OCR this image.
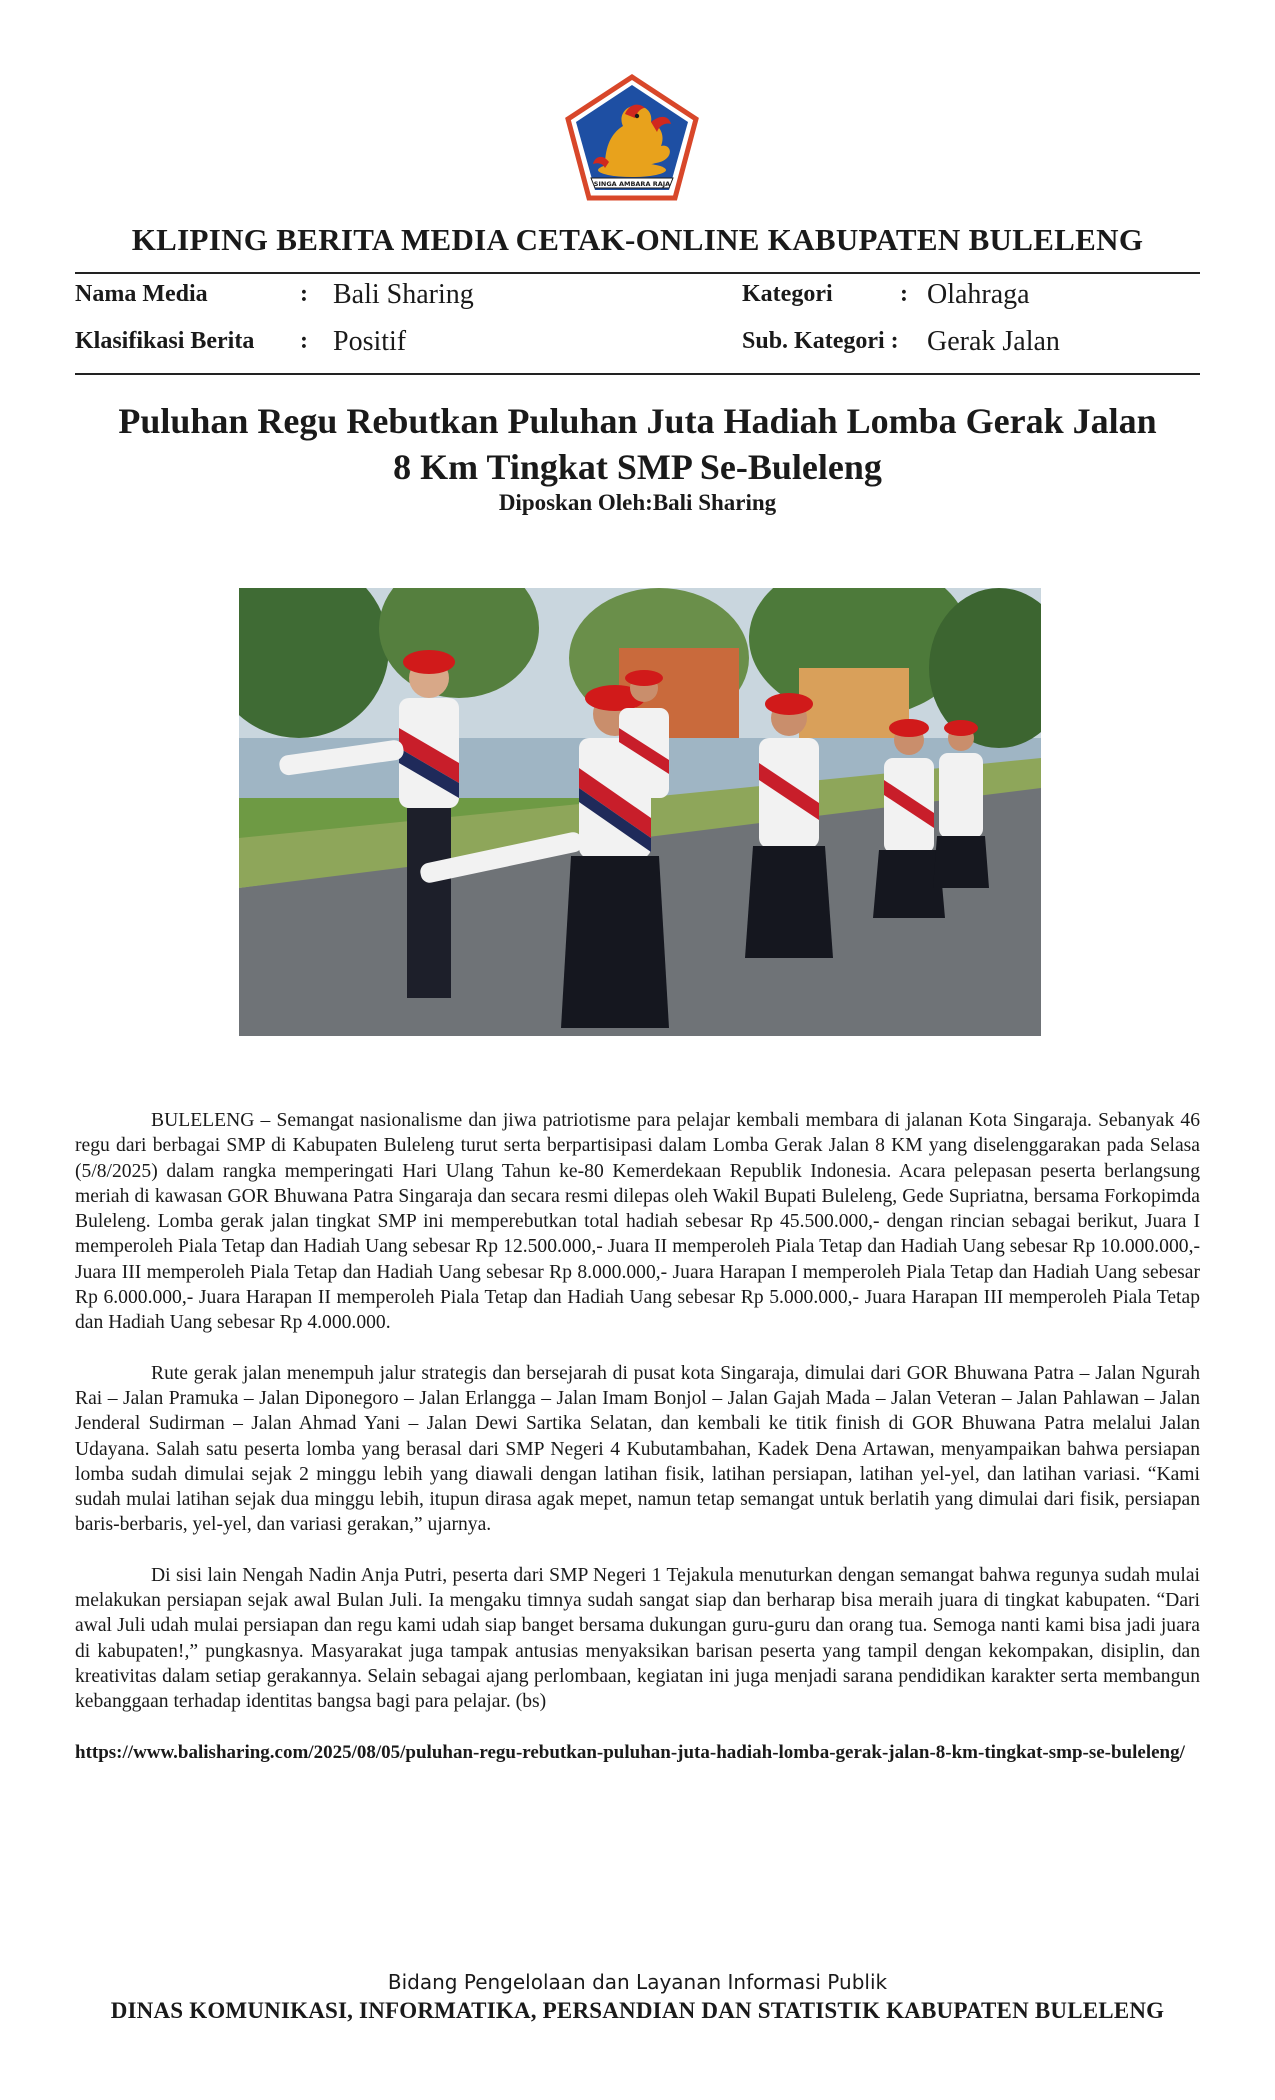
SINGA AMBARA RAJA
KLIPING BERITA MEDIA CETAK-ONLINE KABUPATEN BULELENG
Nama Media	: Bali Sharing	Kategori	: Olahraga
Klasifikasi Berita : Positif	Sub. Kategori : Gerak Jalan
Puluhan Regu Rebutkan Puluhan Juta Hadiah Lomba Gerak Jalan
8 Km Tingkat SMP Se-Buleleng
Diposkan Oleh:Bali Sharing

BULELENG – Semangat nasionalisme dan jiwa patriotisme para pelajar kembali membara di jalanan Kota Singaraja. Sebanyak 46 regu dari berbagai SMP di Kabupaten Buleleng turut serta berpartisipasi dalam Lomba Gerak Jalan 8 KM yang diselenggarakan pada Selasa (5/8/2025) dalam rangka memperingati Hari Ulang Tahun ke-80 Kemerdekaan Republik Indonesia. Acara pelepasan peserta berlangsung meriah di kawasan GOR Bhuwana Patra Singaraja dan secara resmi dilepas oleh Wakil Bupati Buleleng, Gede Supriatna, bersama Forkopimda Buleleng. Lomba gerak jalan tingkat SMP ini memperebutkan total hadiah sebesar Rp 45.500.000,- dengan rincian sebagai berikut, Juara I memperoleh Piala Tetap dan Hadiah Uang sebesar Rp 12.500.000,- Juara II memperoleh Piala Tetap dan Hadiah Uang sebesar Rp 10.000.000,- Juara III memperoleh Piala Tetap dan Hadiah Uang sebesar Rp 8.000.000,- Juara Harapan I memperoleh Piala Tetap dan Hadiah Uang sebesar Rp 6.000.000,- Juara Harapan II memperoleh Piala Tetap dan Hadiah Uang sebesar Rp 5.000.000,- Juara Harapan III memperoleh Piala Tetap dan Hadiah Uang sebesar Rp 4.000.000.

Rute gerak jalan menempuh jalur strategis dan bersejarah di pusat kota Singaraja, dimulai dari GOR Bhuwana Patra – Jalan Ngurah Rai – Jalan Pramuka – Jalan Diponegoro – Jalan Erlangga – Jalan Imam Bonjol – Jalan Gajah Mada – Jalan Veteran – Jalan Pahlawan – Jalan Jenderal Sudirman – Jalan Ahmad Yani – Jalan Dewi Sartika Selatan, dan kembali ke titik finish di GOR Bhuwana Patra melalui Jalan Udayana. Salah satu peserta lomba yang berasal dari SMP Negeri 4 Kubutambahan, Kadek Dena Artawan, menyampaikan bahwa persiapan lomba sudah dimulai sejak 2 minggu lebih yang diawali dengan latihan fisik, latihan persiapan, latihan yel-yel, dan latihan variasi. “Kami sudah mulai latihan sejak dua minggu lebih, itupun dirasa agak mepet, namun tetap semangat untuk berlatih yang dimulai dari fisik, persiapan baris-berbaris, yel-yel, dan variasi gerakan,” ujarnya.

Di sisi lain Nengah Nadin Anja Putri, peserta dari SMP Negeri 1 Tejakula menuturkan dengan semangat bahwa regunya sudah mulai melakukan persiapan sejak awal Bulan Juli. Ia mengaku timnya sudah sangat siap dan berharap bisa meraih juara di tingkat kabupaten. “Dari awal Juli udah mulai persiapan dan regu kami udah siap banget bersama dukungan guru-guru dan orang tua. Semoga nanti kami bisa jadi juara di kabupaten!,” pungkasnya. Masyarakat juga tampak antusias menyaksikan barisan peserta yang tampil dengan kekompakan, disiplin, dan kreativitas dalam setiap gerakannya. Selain sebagai ajang perlombaan, kegiatan ini juga menjadi sarana pendidikan karakter serta membangun kebanggaan terhadap identitas bangsa bagi para pelajar. (bs)

https://www.balisharing.com/2025/08/05/puluhan-regu-rebutkan-puluhan-juta-hadiah-lomba-gerak-jalan-8-km-tingkat-smp-se-buleleng/
Bidang Pengelolaan dan Layanan Informasi Publik
DINAS KOMUNIKASI, INFORMATIKA, PERSANDIAN DAN STATISTIK KABUPATEN BULELENG
